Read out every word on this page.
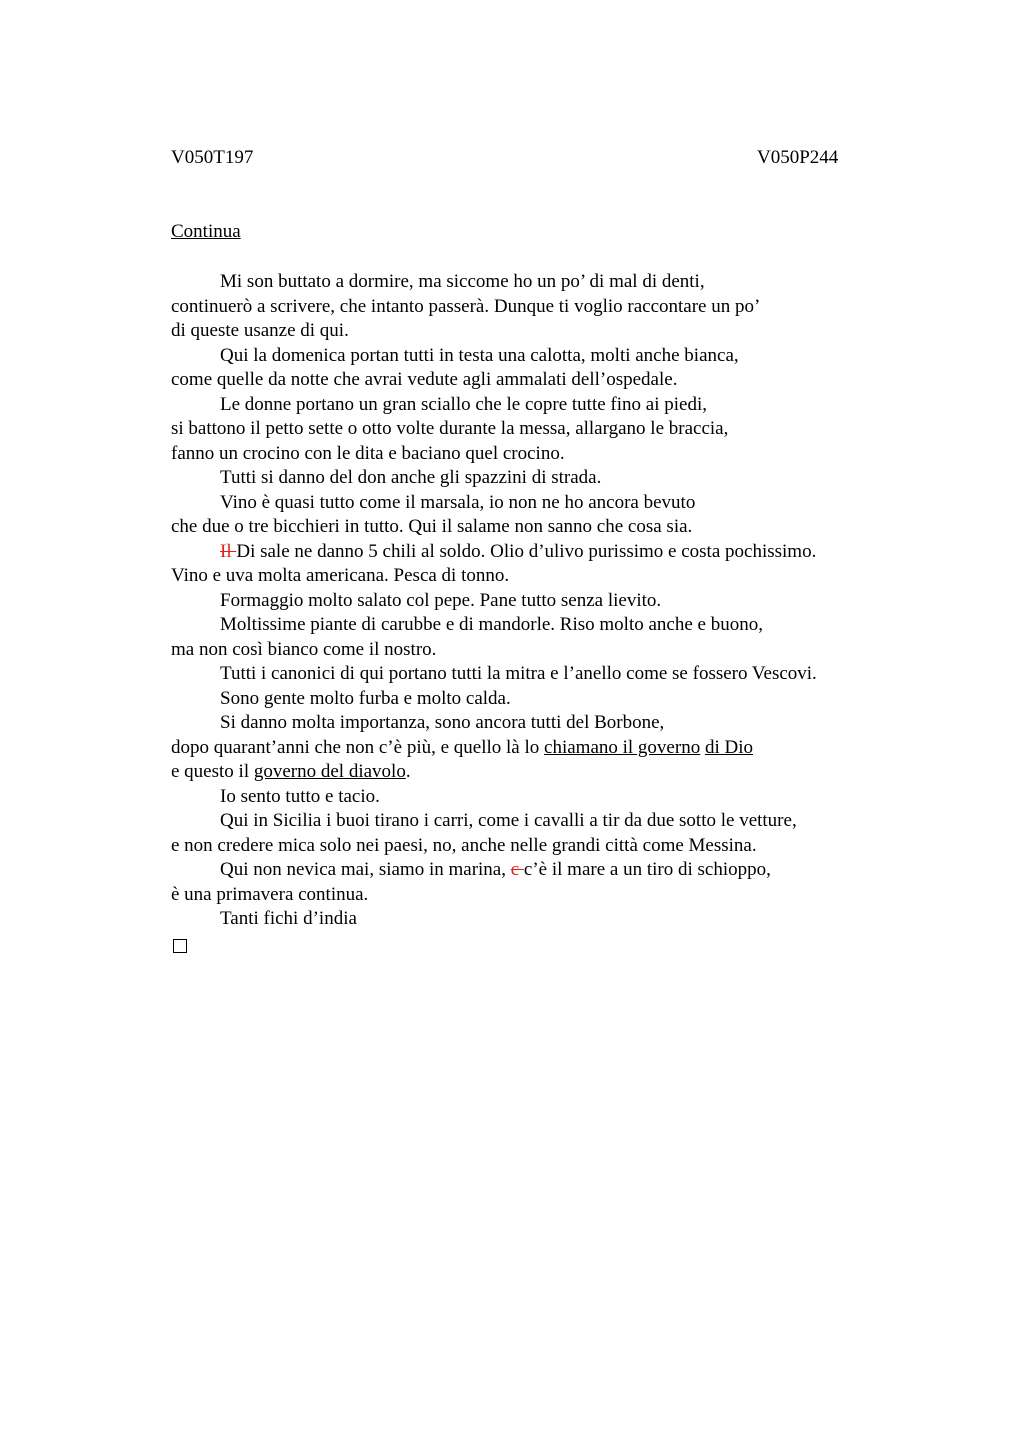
V050T197	V050P244
Continua
Mi son buttato a dormire, ma siccome ho un po’ di mal di denti,
continuerò a scrivere, che intanto passerà. Dunque ti voglio raccontare un po’
di queste usanze di qui.
Qui la domenica portan tutti in testa una calotta, molti anche bianca,
come quelle da notte che avrai vedute agli ammalati dell’ospedale.
Le donne portano un gran sciallo che le copre tutte fino ai piedi,
si battono il petto sette o otto volte durante la messa, allargano le braccia,
fanno un crocino con le dita e baciano quel crocino.
Tutti si danno del don anche gli spazzini di strada.
Vino è quasi tutto come il marsala, io non ne ho ancora bevuto
che due o tre bicchieri in tutto. Qui il salame non sanno che cosa sia.
Il Di sale ne danno 5 chili al soldo. Olio d’ulivo purissimo e costa pochissimo.
Vino e uva molta americana. Pesca di tonno.
Formaggio molto salato col pepe. Pane tutto senza lievito.
Moltissime piante di carubbe e di mandorle. Riso molto anche e buono,
ma non così bianco come il nostro.
Tutti i canonici di qui portano tutti la mitra e l’anello come se fossero Vescovi.
Sono gente molto furba e molto calda.
Si danno molta importanza, sono ancora tutti del Borbone,
dopo quarant’anni che non c’è più, e quello là lo chiamano il governo di Dio
e questo il governo del diavolo.
Io sento tutto e tacio.
Qui in Sicilia i buoi tirano i carri, come i cavalli a tir da due sotto le vetture,
e non credere mica solo nei paesi, no, anche nelle grandi città come Messina.
Qui non nevica mai, siamo in marina, c c’è il mare a un tiro di schioppo,
è una primavera continua.
Tanti fichi d’india
